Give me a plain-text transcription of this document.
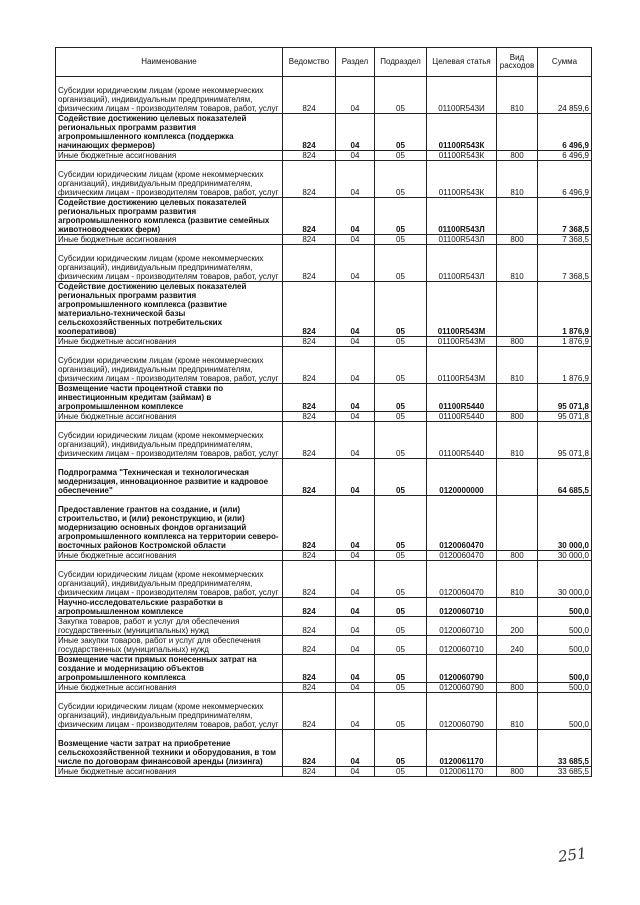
Наименование	Ведомство	Раздел	Подраздел	Целевая статья	Вид расходов	Сумма
Субсидии юридическим лицам (кроме некоммерческих организаций), индивидуальным предпринимателям, физическим лицам - производителям товаров, работ, услуг	824	04	05	01100R543И	810	24 859,6
Содействие достижению целевых показателей региональных программ развития агропромышленного комплекса (поддержка начинающих фермеров)	824	04	05	01100R543К		6 496,9
Иные бюджетные ассигнования	824	04	05	01100R543К	800	6 496,9
Субсидии юридическим лицам (кроме некоммерческих организаций), индивидуальным предпринимателям, физическим лицам - производителям товаров, работ, услуг	824	04	05	01100R543К	810	6 496,9
Содействие достижению целевых показателей региональных программ развития агропромышленного комплекса (развитие семейных животноводческих ферм)	824	04	05	01100R543Л		7 368,5
Иные бюджетные ассигнования	824	04	05	01100R543Л	800	7 368,5
Субсидии юридическим лицам (кроме некоммерческих организаций), индивидуальным предпринимателям, физическим лицам - производителям товаров, работ, услуг	824	04	05	01100R543Л	810	7 368,5
Содействие достижению целевых показателей региональных программ развития агропромышленного комплекса (развитие материально-технической базы сельскохозяйственных потребительских кооперативов)	824	04	05	01100R543М		1 876,9
Иные бюджетные ассигнования	824	04	05	01100R543М	800	1 876,9
Субсидии юридическим лицам (кроме некоммерческих организаций), индивидуальным предпринимателям, физическим лицам - производителям товаров, работ, услуг	824	04	05	01100R543М	810	1 876,9
Возмещение части процентной ставки по инвестиционным кредитам (займам) в агропромышленном комплексе	824	04	05	01100R5440		95 071,8
Иные бюджетные ассигнования	824	04	05	01100R5440	800	95 071,8
Субсидии юридическим лицам (кроме некоммерческих организаций), индивидуальным предпринимателям, физическим лицам - производителям товаров, работ, услуг	824	04	05	01100R5440	810	95 071,8
Подпрограмма "Техническая и технологическая модернизация, инновационное развитие и кадровое обеспечение"	824	04	05	0120000000		64 685,5
Предоставление грантов на создание, и (или) строительство, и (или) реконструкцию, и (или) модернизацию основных фондов организаций агропромышленного комплекса на территории северо-восточных районов Костромской области	824	04	05	0120060470		30 000,0
Иные бюджетные ассигнования	824	04	05	0120060470	800	30 000,0
Субсидии юридическим лицам (кроме некоммерческих организаций), индивидуальным предпринимателям, физическим лицам - производителям товаров, работ, услуг	824	04	05	0120060470	810	30 000,0
Научно-исследовательские разработки в агропромышленном комплексе	824	04	05	0120060710		500,0
Закупка товаров, работ и услуг для обеспечения государственных (муниципальных) нужд	824	04	05	0120060710	200	500,0
Иные закупки товаров, работ и услуг для обеспечения государственных (муниципальных) нужд	824	04	05	0120060710	240	500,0
Возмещение части прямых понесенных затрат на создание и модернизацию объектов агропромышленного комплекса	824	04	05	0120060790		500,0
Иные бюджетные ассигнования	824	04	05	0120060790	800	500,0
Субсидии юридическим лицам (кроме некоммерческих организаций), индивидуальным предпринимателям, физическим лицам - производителям товаров, работ, услуг	824	04	05	0120060790	810	500,0
Возмещение части затрат на приобретение сельскохозяйственной техники и оборудования, в том числе по договорам финансовой аренды (лизинга)	824	04	05	0120061170		33 685,5
Иные бюджетные ассигнования	824	04	05	0120061170	800	33 685,5
251
